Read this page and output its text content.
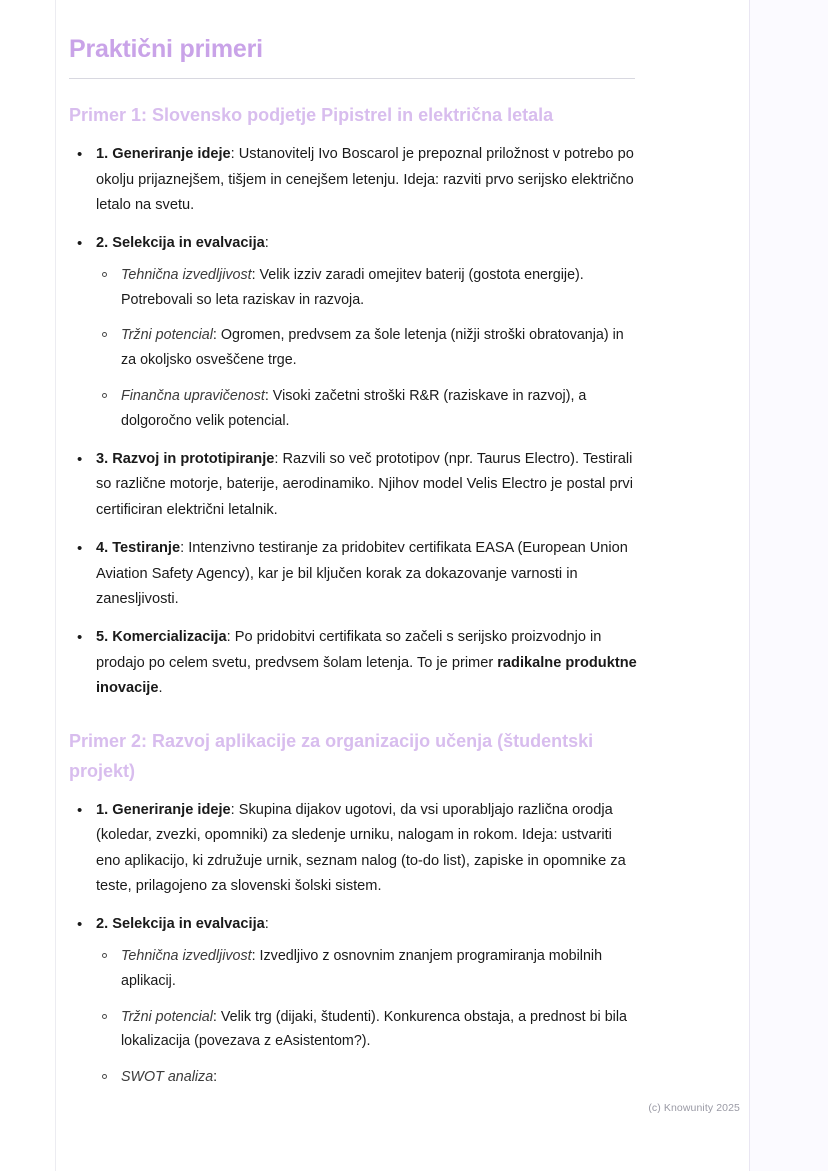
Praktični primeri
Primer 1: Slovensko podjetje Pipistrel in električna letala
• 1. Generiranje ideje: Ustanovitelj Ivo Boscarol je prepoznal priložnost v potrebo po okolju prijaznejšem, tišjem in cenejšem letenju. Ideja: razviti prvo serijsko električno letalo na svetu.
• 2. Selekcija in evalvacija:
Tehnična izvedljivost: Velik izziv zaradi omejitev baterij (gostota energije). Potrebovali so leta raziskav in razvoja.
Tržni potencial: Ogromen, predvsem za šole letenja (nižji stroški obratovanja) in za okoljsko osveščene trge.
Finančna upravičenost: Visoki začetni stroški R&R (raziskave in razvoj), a dolgoročno velik potencial.
• 3. Razvoj in prototipiranje: Razvili so več prototipov (npr. Taurus Electro). Testirali so različne motorje, baterije, aerodinamiko. Njihov model Velis Electro je postal prvi certificiran električni letalnik.
• 4. Testiranje: Intenzivno testiranje za pridobitev certifikata EASA (European Union Aviation Safety Agency), kar je bil ključen korak za dokazovanje varnosti in zanesljivosti.
• 5. Komercializacija: Po pridobitvi certifikata so začeli s serijsko proizvodnjo in prodajo po celem svetu, predvsem šolam letenja. To je primer radikalne produktne inovacije.
Primer 2: Razvoj aplikacije za organizacijo učenja (študentski projekt)
• 1. Generiranje ideje: Skupina dijakov ugotovi, da vsi uporabljajo različna orodja (koledar, zvezki, opomniki) za sledenje urniku, nalogam in rokom. Ideja: ustvariti eno aplikacijo, ki združuje urnik, seznam nalog (to-do list), zapiske in opomnike za teste, prilagojeno za slovenski šolski sistem.
• 2. Selekcija in evalvacija:
Tehnična izvedljivost: Izvedljivo z osnovnim znanjem programiranja mobilnih aplikacij.
Tržni potencial: Velik trg (dijaki, študenti). Konkurenca obstaja, a prednost bi bila lokalizacija (povezava z eAsistentom?).
SWOT analiza:
(c) Knowunity 2025
